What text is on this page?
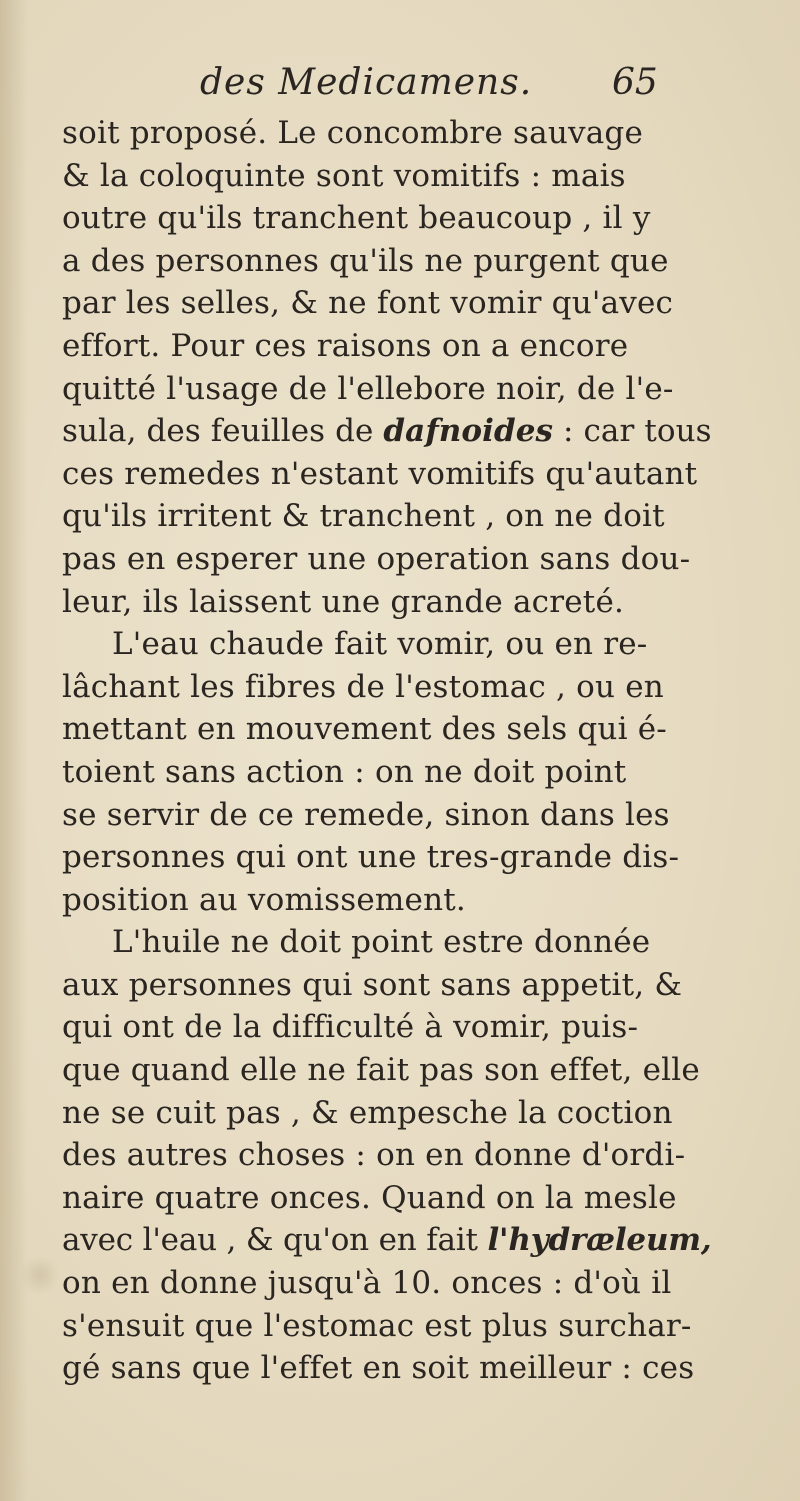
des Medicamens. 65
soit proposé. Le concombre sauvage
& la coloquinte sont vomitifs : mais
outre qu'ils tranchent beaucoup , il y
a des personnes qu'ils ne purgent que
par les selles, & ne font vomir qu'avec
effort. Pour ces raisons on a encore
quitté l'usage de l'ellebore noir, de l'e-
sula, des feuilles de dafnoides : car tous
ces remedes n'estant vomitifs qu'autant
qu'ils irritent & tranchent , on ne doit
pas en esperer une operation sans dou-
leur, ils laissent une grande acreté.
L'eau chaude fait vomir, ou en re-
lâchant les fibres de l'estomac , ou en
mettant en mouvement des sels qui é-
toient sans action : on ne doit point
se servir de ce remede, sinon dans les
personnes qui ont une tres-grande dis-
position au vomissement.
L'huile ne doit point estre donnée
aux personnes qui sont sans appetit, &
qui ont de la difficulté à vomir, puis-
que quand elle ne fait pas son effet, elle
ne se cuit pas , & empesche la coction
des autres choses : on en donne d'ordi-
naire quatre onces. Quand on la mesle
avec l'eau , & qu'on en fait l'hydræleum,
on en donne jusqu'à 10. onces : d'où il
s'ensuit que l'estomac est plus surchar-
gé sans que l'effet en soit meilleur : ces
